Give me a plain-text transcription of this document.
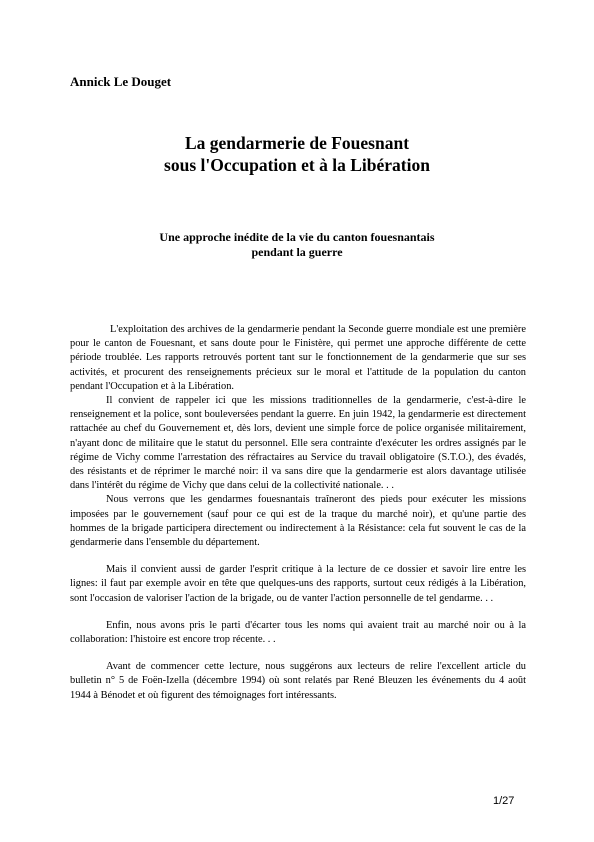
Annick Le Douget
La gendarmerie de Fouesnant
sous l'Occupation et à la Libération
Une approche inédite de la vie du canton fouesnantais
pendant la guerre

L'exploitation des archives de la gendarmerie pendant la Seconde guerre mondiale est une première pour le canton de Fouesnant, et sans doute pour le Finistère, qui permet une approche différente de cette période troublée. Les rapports retrouvés portent tant sur le fonctionnement de la gendarmerie que sur ses activités, et procurent des renseignements précieux sur le moral et l'attitude de la population du canton pendant l'Occupation et à la Libération.

Il convient de rappeler ici que les missions traditionnelles de la gendarmerie, c'est-à-dire le renseignement et la police, sont bouleversées pendant la guerre. En juin 1942, la gendarmerie est directement rattachée au chef du Gouvernement et, dès lors, devient une simple force de police organisée militairement, n'ayant donc de militaire que le statut du personnel. Elle sera contrainte d'exécuter les ordres assignés par le régime de Vichy comme l'arrestation des réfractaires au Service du travail obligatoire (S.T.O.), des évadés, des résistants et de réprimer le marché noir: il va sans dire que la gendarmerie est alors davantage utilisée dans l'intérêt du régime de Vichy que dans celui de la collectivité nationale. . .

Nous verrons que les gendarmes fouesnantais traîneront des pieds pour exécuter les missions imposées par le gouvernement (sauf pour ce qui est de la traque du marché noir), et qu'une partie des hommes de la brigade participera directement ou indirectement à la Résistance: cela fut souvent le cas de la gendarmerie dans l'ensemble du département.

Mais il convient aussi de garder l'esprit critique à la lecture de ce dossier et savoir lire entre les lignes: il faut par exemple avoir en tête que quelques-uns des rapports, surtout ceux rédigés à la Libération, sont l'occasion de valoriser l'action de la brigade, ou de vanter l'action personnelle de tel gendarme. . .

Enfin, nous avons pris le parti d'écarter tous les noms qui avaient trait au marché noir ou à la collaboration: l'histoire est encore trop récente. . .

Avant de commencer cette lecture, nous suggérons aux lecteurs de relire l'excellent article du bulletin n° 5 de Foën-Izella (décembre 1994) où sont relatés par René Bleuzen les événements du 4 août 1944 à Bénodet et où figurent des témoignages fort intéressants.

1/27
